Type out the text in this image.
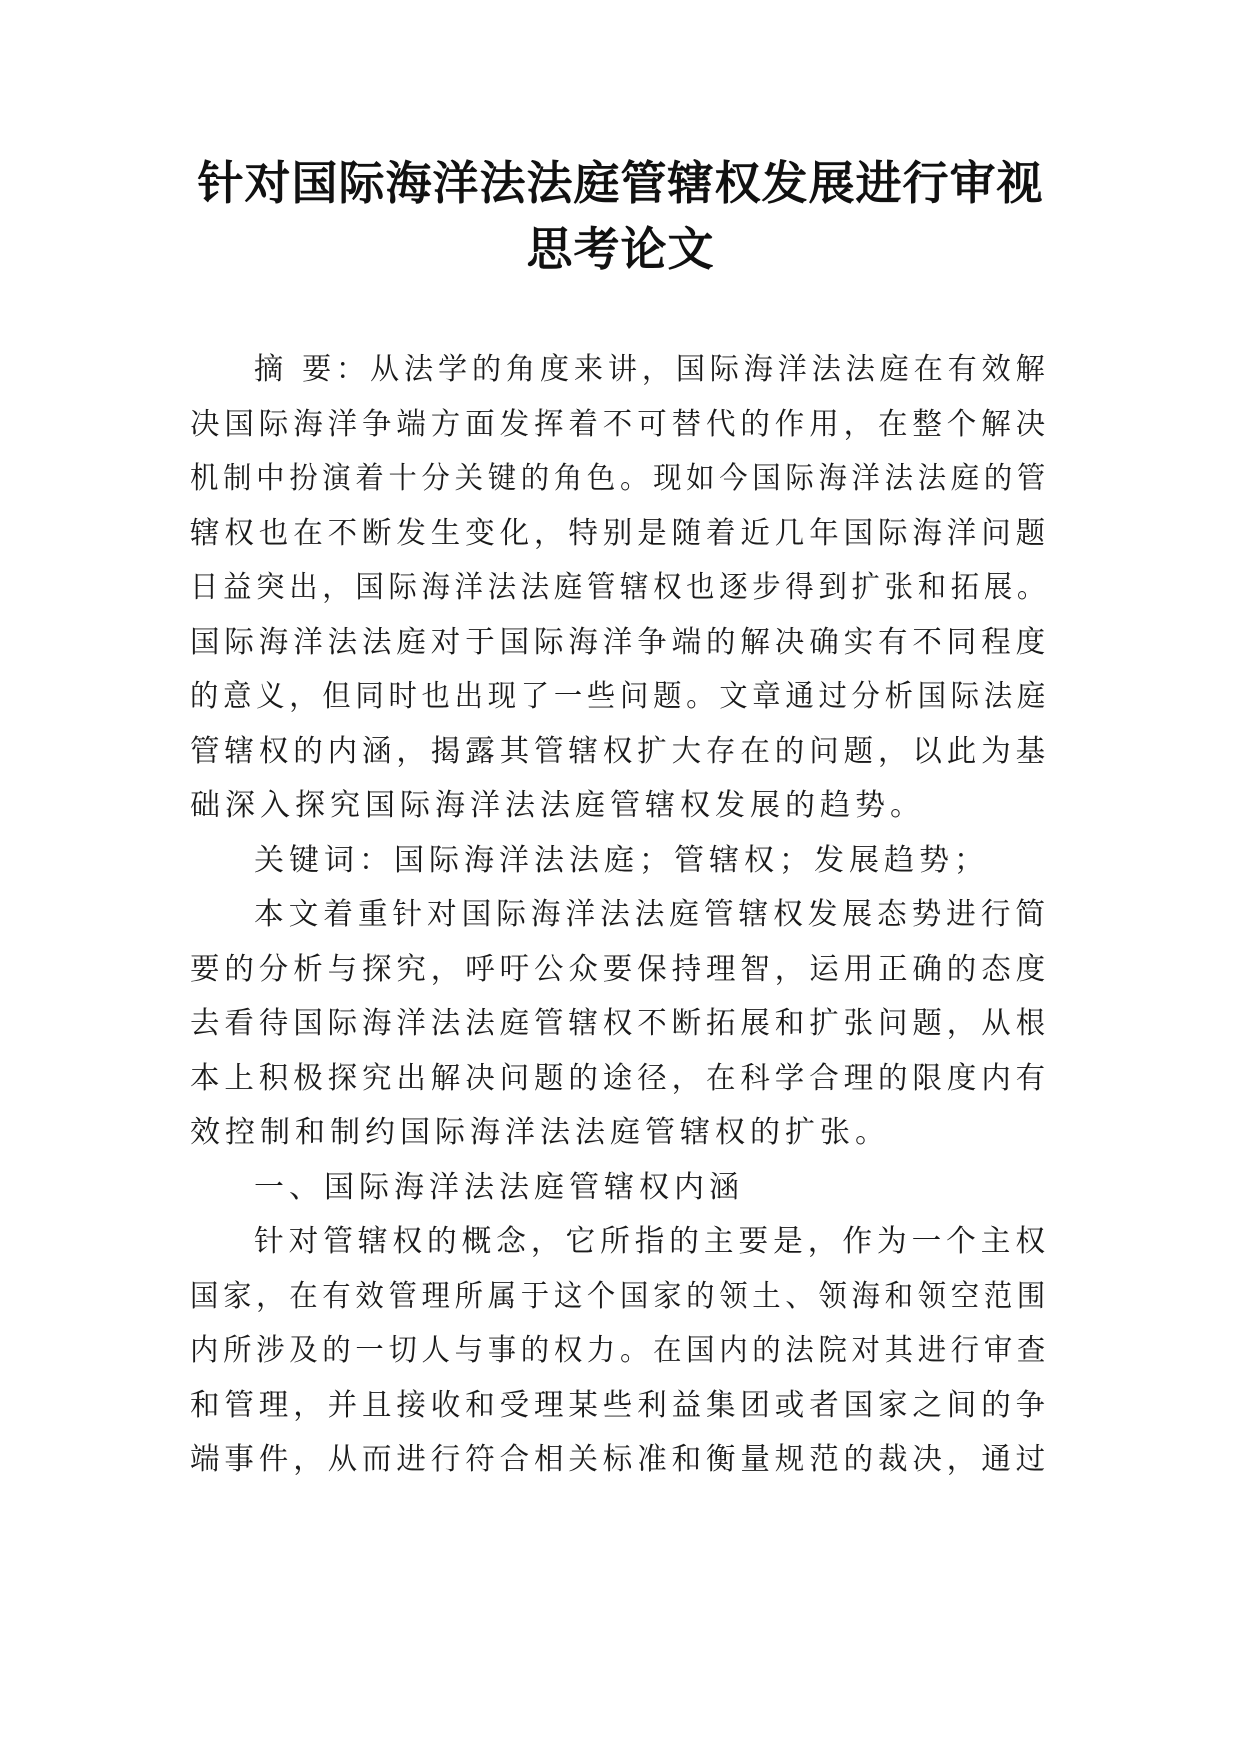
针对国际海洋法法庭管辖权发展进行审视
思考论文
摘 要：从法学的角度来讲，国际海洋法法庭在有效解
决国际海洋争端方面发挥着不可替代的作用，在整个解决
机制中扮演着十分关键的角色。现如今国际海洋法法庭的管
辖权也在不断发生变化，特别是随着近几年国际海洋问题
日益突出，国际海洋法法庭管辖权也逐步得到扩张和拓展。
国际海洋法法庭对于国际海洋争端的解决确实有不同程度
的意义，但同时也出现了一些问题。文章通过分析国际法庭
管辖权的内涵，揭露其管辖权扩大存在的问题，以此为基
础深入探究国际海洋法法庭管辖权发展的趋势。
关键词：国际海洋法法庭；管辖权；发展趋势；
本文着重针对国际海洋法法庭管辖权发展态势进行简
要的分析与探究，呼吁公众要保持理智，运用正确的态度
去看待国际海洋法法庭管辖权不断拓展和扩张问题，从根
本上积极探究出解决问题的途径，在科学合理的限度内有
效控制和制约国际海洋法法庭管辖权的扩张。
一、国际海洋法法庭管辖权内涵
针对管辖权的概念，它所指的主要是，作为一个主权
国家，在有效管理所属于这个国家的领土、领海和领空范围
内所涉及的一切人与事的权力。在国内的法院对其进行审查
和管理，并且接收和受理某些利益集团或者国家之间的争
端事件，从而进行符合相关标准和衡量规范的裁决，通过
